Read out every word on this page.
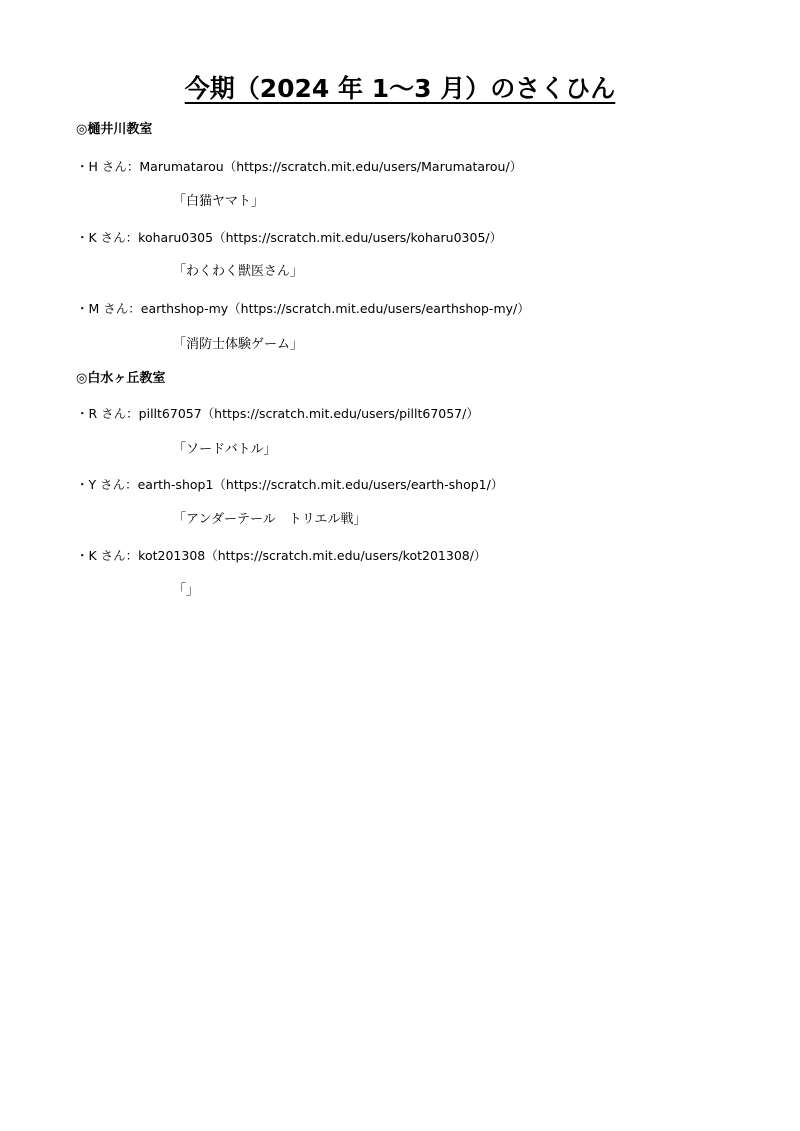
今期（2024 年 1～3 月）のさくひん
◎樋井川教室
・H さん：Marumatarou（https://scratch.mit.edu/users/Marumatarou/）
「白猫ヤマト」
・K さん：koharu0305（https://scratch.mit.edu/users/koharu0305/）
「わくわく獣医さん」
・M さん：earthshop-my（https://scratch.mit.edu/users/earthshop-my/）
「消防士体験ゲーム」
◎白水ヶ丘教室
・R さん：pillt67057（https://scratch.mit.edu/users/pillt67057/）
「ソードバトル」
・Y さん：earth-shop1（https://scratch.mit.edu/users/earth-shop1/）
「アンダーテール　トリエル戦」
・K さん：kot201308（https://scratch.mit.edu/users/kot201308/）
「」
